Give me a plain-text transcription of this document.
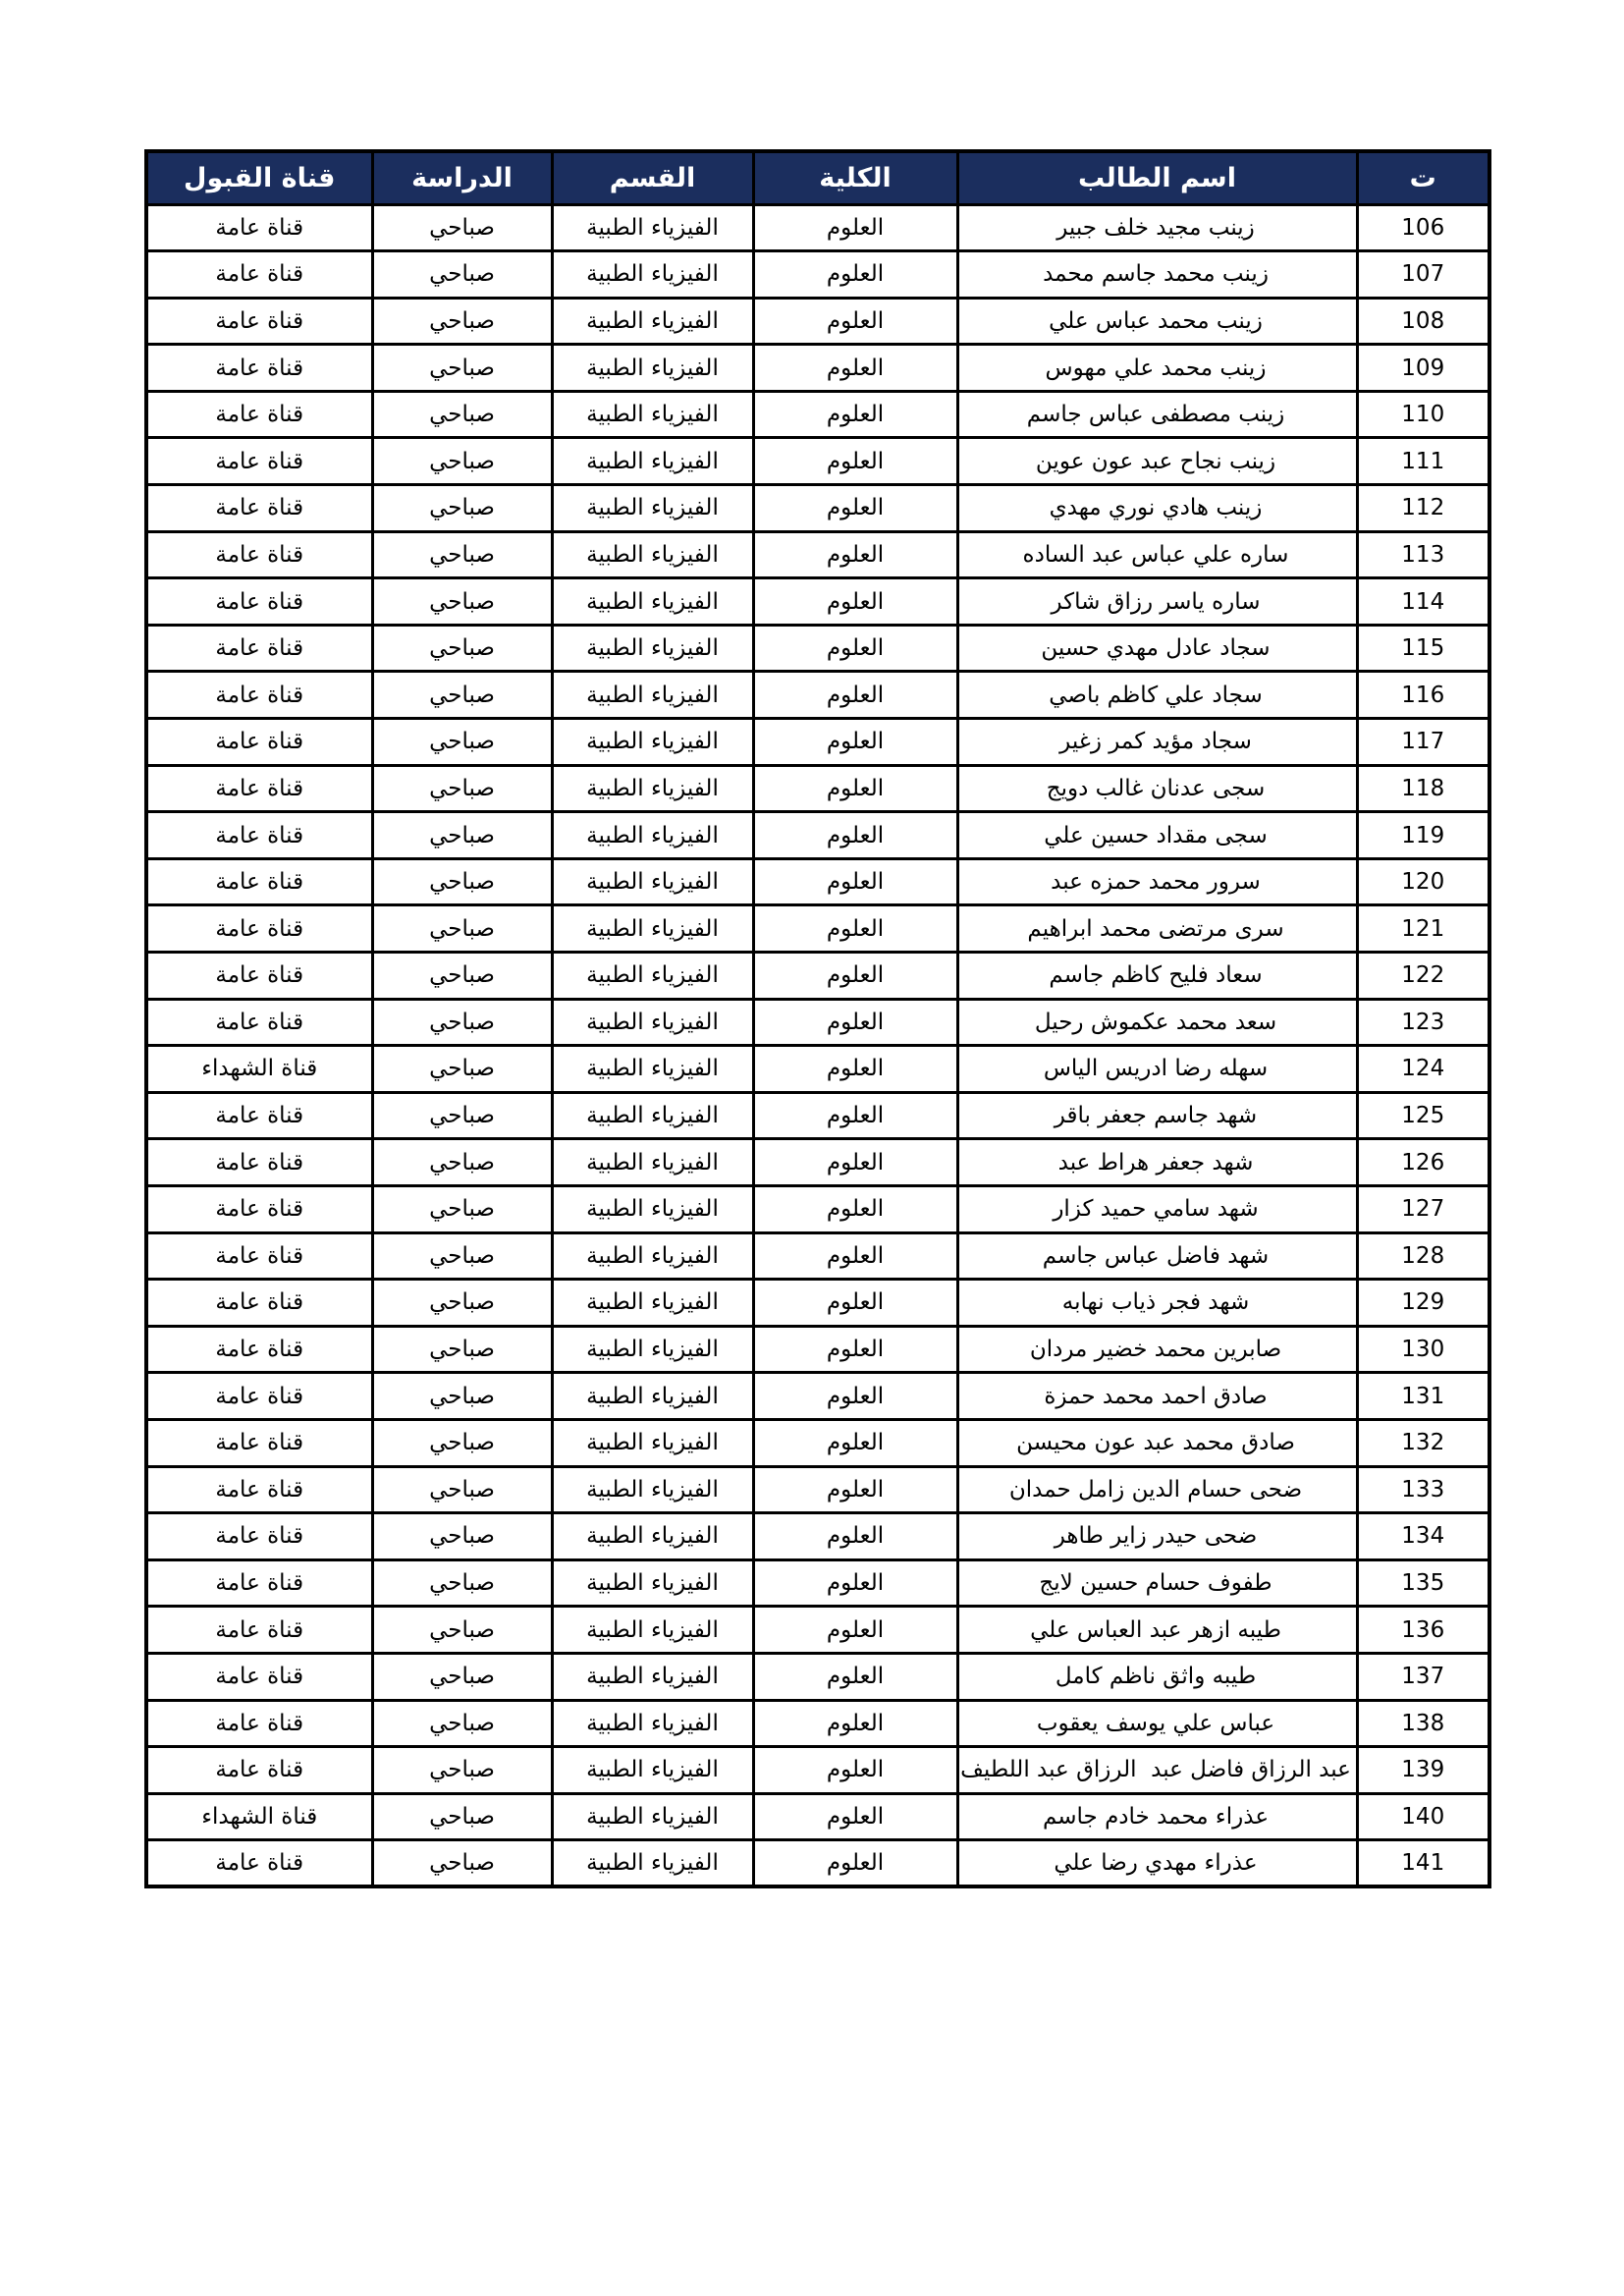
ت	اسم الطالب	الكلية	القسم	الدراسة	قناة القبول
106	زينب مجيد خلف جبير	العلوم	الفيزياء الطبية	صباحي	قناة عامة
107	زينب محمد جاسم محمد	العلوم	الفيزياء الطبية	صباحي	قناة عامة
108	زينب محمد عباس علي	العلوم	الفيزياء الطبية	صباحي	قناة عامة
109	زينب محمد علي مهوس	العلوم	الفيزياء الطبية	صباحي	قناة عامة
110	زينب مصطفى عباس جاسم	العلوم	الفيزياء الطبية	صباحي	قناة عامة
111	زينب نجاح عبد عون عوين	العلوم	الفيزياء الطبية	صباحي	قناة عامة
112	زينب هادي نوري مهدي	العلوم	الفيزياء الطبية	صباحي	قناة عامة
113	ساره علي عباس عبد الساده	العلوم	الفيزياء الطبية	صباحي	قناة عامة
114	ساره ياسر رزاق شاكر	العلوم	الفيزياء الطبية	صباحي	قناة عامة
115	سجاد عادل مهدي حسين	العلوم	الفيزياء الطبية	صباحي	قناة عامة
116	سجاد علي كاظم باصي	العلوم	الفيزياء الطبية	صباحي	قناة عامة
117	سجاد مؤيد كمر زغير	العلوم	الفيزياء الطبية	صباحي	قناة عامة
118	سجى عدنان غالب دويج	العلوم	الفيزياء الطبية	صباحي	قناة عامة
119	سجى مقداد حسين علي	العلوم	الفيزياء الطبية	صباحي	قناة عامة
120	سرور محمد حمزه عبد	العلوم	الفيزياء الطبية	صباحي	قناة عامة
121	سرى مرتضى محمد ابراهيم	العلوم	الفيزياء الطبية	صباحي	قناة عامة
122	سعاد فليح كاظم جاسم	العلوم	الفيزياء الطبية	صباحي	قناة عامة
123	سعد محمد عكموش رحيل	العلوم	الفيزياء الطبية	صباحي	قناة عامة
124	سهله رضا ادريس الياس	العلوم	الفيزياء الطبية	صباحي	قناة الشهداء
125	شهد جاسم جعفر باقر	العلوم	الفيزياء الطبية	صباحي	قناة عامة
126	شهد جعفر هراط عبد	العلوم	الفيزياء الطبية	صباحي	قناة عامة
127	شهد سامي حميد كزار	العلوم	الفيزياء الطبية	صباحي	قناة عامة
128	شهد فاضل عباس جاسم	العلوم	الفيزياء الطبية	صباحي	قناة عامة
129	شهد فجر ذياب نهابه	العلوم	الفيزياء الطبية	صباحي	قناة عامة
130	صابرين محمد خضير مردان	العلوم	الفيزياء الطبية	صباحي	قناة عامة
131	صادق احمد محمد حمزة	العلوم	الفيزياء الطبية	صباحي	قناة عامة
132	صادق محمد عبد عون محيسن	العلوم	الفيزياء الطبية	صباحي	قناة عامة
133	ضحى حسام الدين زامل حمدان	العلوم	الفيزياء الطبية	صباحي	قناة عامة
134	ضحى حيدر زاير طاهر	العلوم	الفيزياء الطبية	صباحي	قناة عامة
135	طفوف حسام حسين لايج	العلوم	الفيزياء الطبية	صباحي	قناة عامة
136	طيبه ازهر عبد العباس علي	العلوم	الفيزياء الطبية	صباحي	قناة عامة
137	طيبه واثق ناظم كامل	العلوم	الفيزياء الطبية	صباحي	قناة عامة
138	عباس علي يوسف يعقوب	العلوم	الفيزياء الطبية	صباحي	قناة عامة
139	عبد الرزاق فاضل عبد  الرزاق عبد اللطيف	العلوم	الفيزياء الطبية	صباحي	قناة عامة
140	عذراء محمد خادم جاسم	العلوم	الفيزياء الطبية	صباحي	قناة الشهداء
141	عذراء مهدي رضا علي	العلوم	الفيزياء الطبية	صباحي	قناة عامة
